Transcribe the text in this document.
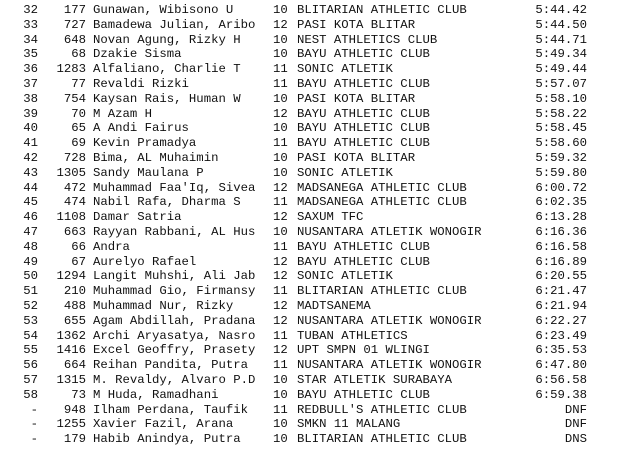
32	177 Gunawan, Wibisono U	10 BLITARIAN ATHLETIC CLUB	5:44.42
33	727 Bamadewa Julian, Aribo	12 PASI KOTA BLITAR	5:44.50
34	648 Novan Agung, Rizky H	10 NEST ATHLETICS CLUB	5:44.71
35	68 Dzakie Sisma	10 BAYU ATHLETIC CLUB	5:49.34
36	1283 Alfaliano, Charlie T	11 SONIC ATLETIK	5:49.44
37	77 Revaldi Rizki	11 BAYU ATHLETIC CLUB	5:57.07
38	754 Kaysan Rais, Human W	10 PASI KOTA BLITAR	5:58.10
39	70 M Azam H	12 BAYU ATHLETIC CLUB	5:58.22
40	65 A Andi Fairus	10 BAYU ATHLETIC CLUB	5:58.45
41	69 Kevin Pramadya	11 BAYU ATHLETIC CLUB	5:58.60
42	728 Bima, AL Muhaimin	10 PASI KOTA BLITAR	5:59.32
43	1305 Sandy Maulana P	10 SONIC ATLETIK	5:59.80
44	472 Muhammad Faa'Iq, Sivea	12 MADSANEGA ATHLETIC CLUB	6:00.72
45	474 Nabil Rafa, Dharma S	11 MADSANEGA ATHLETIC CLUB	6:02.35
46	1108 Damar Satria	12 SAXUM TFC	6:13.28
47	663 Rayyan Rabbani, AL Hus	10 NUSANTARA ATLETIK WONOGIR	6:16.36
48	66 Andra	11 BAYU ATHLETIC CLUB	6:16.58
49	67 Aurelyo Rafael	12 BAYU ATHLETIC CLUB	6:16.89
50	1294 Langit Muhshi, Ali Jab	12 SONIC ATLETIK	6:20.55
51	210 Muhammad Gio, Firmansy	11 BLITARIAN ATHLETIC CLUB	6:21.47
52	488 Muhammad Nur, Rizky	12 MADTSANEMA	6:21.94
53	655 Agam Abdillah, Pradana	12 NUSANTARA ATLETIK WONOGIR	6:22.27
54	1362 Archi Aryasatya, Nasro	11 TUBAN ATHLETICS	6:23.49
55	1416 Excel Geoffry, Prasety	12 UPT SMPN 01 WLINGI	6:35.53
56	664 Reihan Pandita, Putra	11 NUSANTARA ATLETIK WONOGIR	6:47.80
57	1315 M. Revaldy, Alvaro P.D	10 STAR ATLETIK SURABAYA	6:56.58
58	73 M Huda, Ramadhani	10 BAYU ATHLETIC CLUB	6:59.38
-	948 Ilham Perdana, Taufik	11 REDBULL'S ATHLETIC CLUB	DNF
-	1255 Xavier Fazil, Arana	10 SMKN 11 MALANG	DNF
-	179 Habib Anindya, Putra	10 BLITARIAN ATHLETIC CLUB	DNS
